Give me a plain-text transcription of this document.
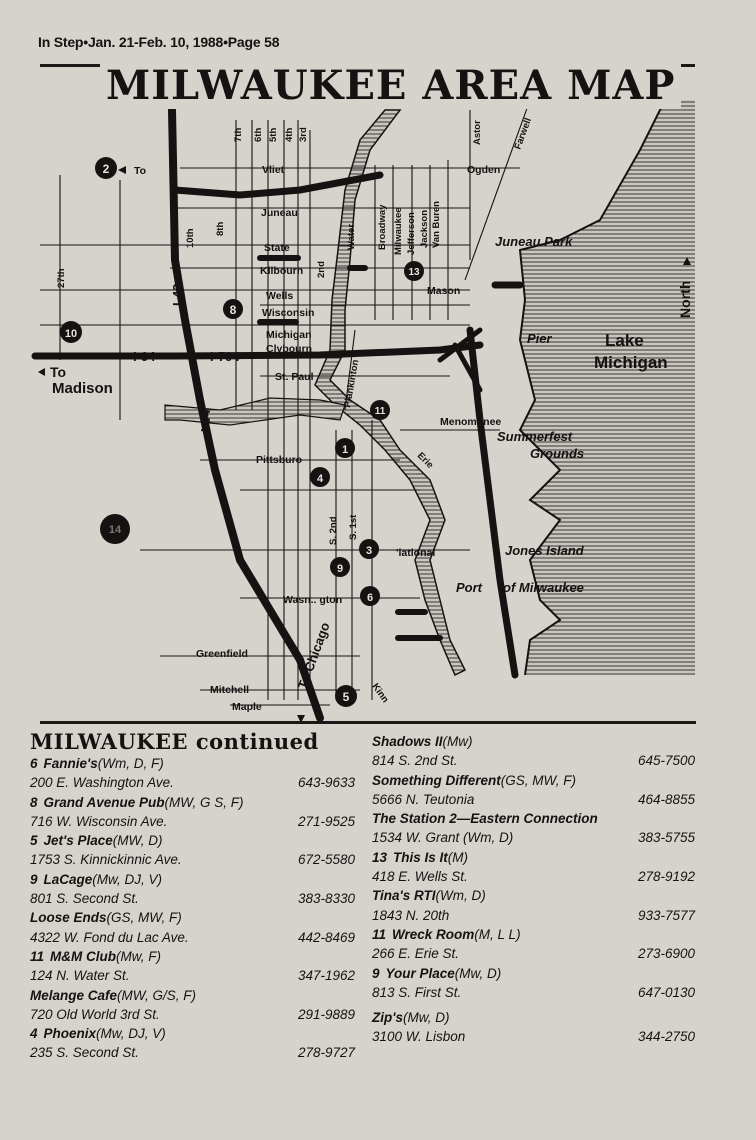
In Step•Jan. 21-Feb. 10, 1988•Page 58
Vliet	Ogden
Juneau
State
Kilbourn
Wells
Wisconsin
Michigan
Clybourn
St. Paul
Menomonee
Pittsburo
'lational
Wasn.. gton
Greenfield
Mitchell
Maple
Mason
To
7th 6th 5th 4th 3rd
10th 8th
27th	2nd
Water Broadway Milwaukee Jefferson Jackson Van Buren
Astor	Farwell
Plankinton
S. 2nd S. 1st
Erie
Kinn
I-43
I-94	I-794
I-94
To Chicago
To
Madison
Juneau Park
Pier	Lake
Michigan
North
Summerfest
Grounds
Jones Island
Port of Milwaukee
2
8
10
13
11
1
4
3
9
6
5
14
MILWAUKEE AREA MAP
MILWAUKEE continued
6 Fannie's (Wm, D, F)
200 E. Washington Ave.	643-9633
8 Grand Avenue Pub (MW, G S, F)
716 W. Wisconsin Ave.	271-9525
5 Jet's Place (MW, D)
1753 S. Kinnickinnic Ave.	672-5580
9 LaCage (Mw, DJ, V)
801 S. Second St.	383-8330
Loose Ends (GS, MW, F)
4322 W. Fond du Lac Ave.	442-8469
11 M&M Club (Mw, F)
124 N. Water St.	347-1962
Melange Cafe (MW, G/S, F)
720 Old World 3rd St.	291-9889
4 Phoenix (Mw, DJ, V)
235 S. Second St.	278-9727
Shadows II (Mw)
814 S. 2nd St.	645-7500
Something Different (GS, MW, F)
5666 N. Teutonia	464-8855
The Station 2—Eastern Connection
1534 W. Grant (Wm, D)	383-5755
13 This Is It (M)
418 E. Wells St.	278-9192
Tina's RTI (Wm, D)
1843 N. 20th	933-7577
11 Wreck Room (M, L L)
266 E. Erie St.	273-6900
9 Your Place (Mw, D)
813 S. First St.	647-0130
Zip's (Mw, D)
3100 W. Lisbon	344-2750
